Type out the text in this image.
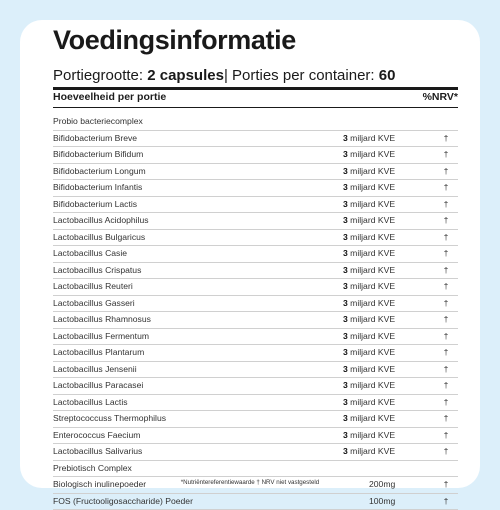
Voedingsinformatie
Portiegrootte: 2 capsules| Porties per container: 60
Hoeveelheid per portie	%NRV*
Probio bacteriecomplex
Bifidobacterium Breve	3 miljard KVE	†
Bifidobacterium Bifidum	3 miljard KVE	†
Bifidobacterium Longum	3 miljard KVE	†
Bifidobacterium Infantis	3 miljard KVE	†
Bifidobacterium Lactis	3 miljard KVE	†
Lactobacillus Acidophilus	3 miljard KVE	†
Lactobacillus Bulgaricus	3 miljard KVE	†
Lactobacillus Casie	3 miljard KVE	†
Lactobacillus Crispatus	3 miljard KVE	†
Lactobacillus Reuteri	3 miljard KVE	†
Lactobacillus Gasseri	3 miljard KVE	†
Lactobacillus Rhamnosus	3 miljard KVE	†
Lactobacillus Fermentum	3 miljard KVE	†
Lactobacillus Plantarum	3 miljard KVE	†
Lactobacillus Jensenii	3 miljard KVE	†
Lactobacillus Paracasei	3 miljard KVE	†
Lactobacillus Lactis	3 miljard KVE	†
Streptococcuss Thermophilus	3 miljard KVE	†
Enterococcus Faecium	3 miljard KVE	†
Lactobacillus Salivarius	3 miljard KVE	†
Prebiotisch Complex
Biologisch inulinepoeder	200mg	†
FOS (Fructooligosaccharide) Poeder	100mg	†
*Nutriëntereferentiewaarde † NRV niet vastgesteld
